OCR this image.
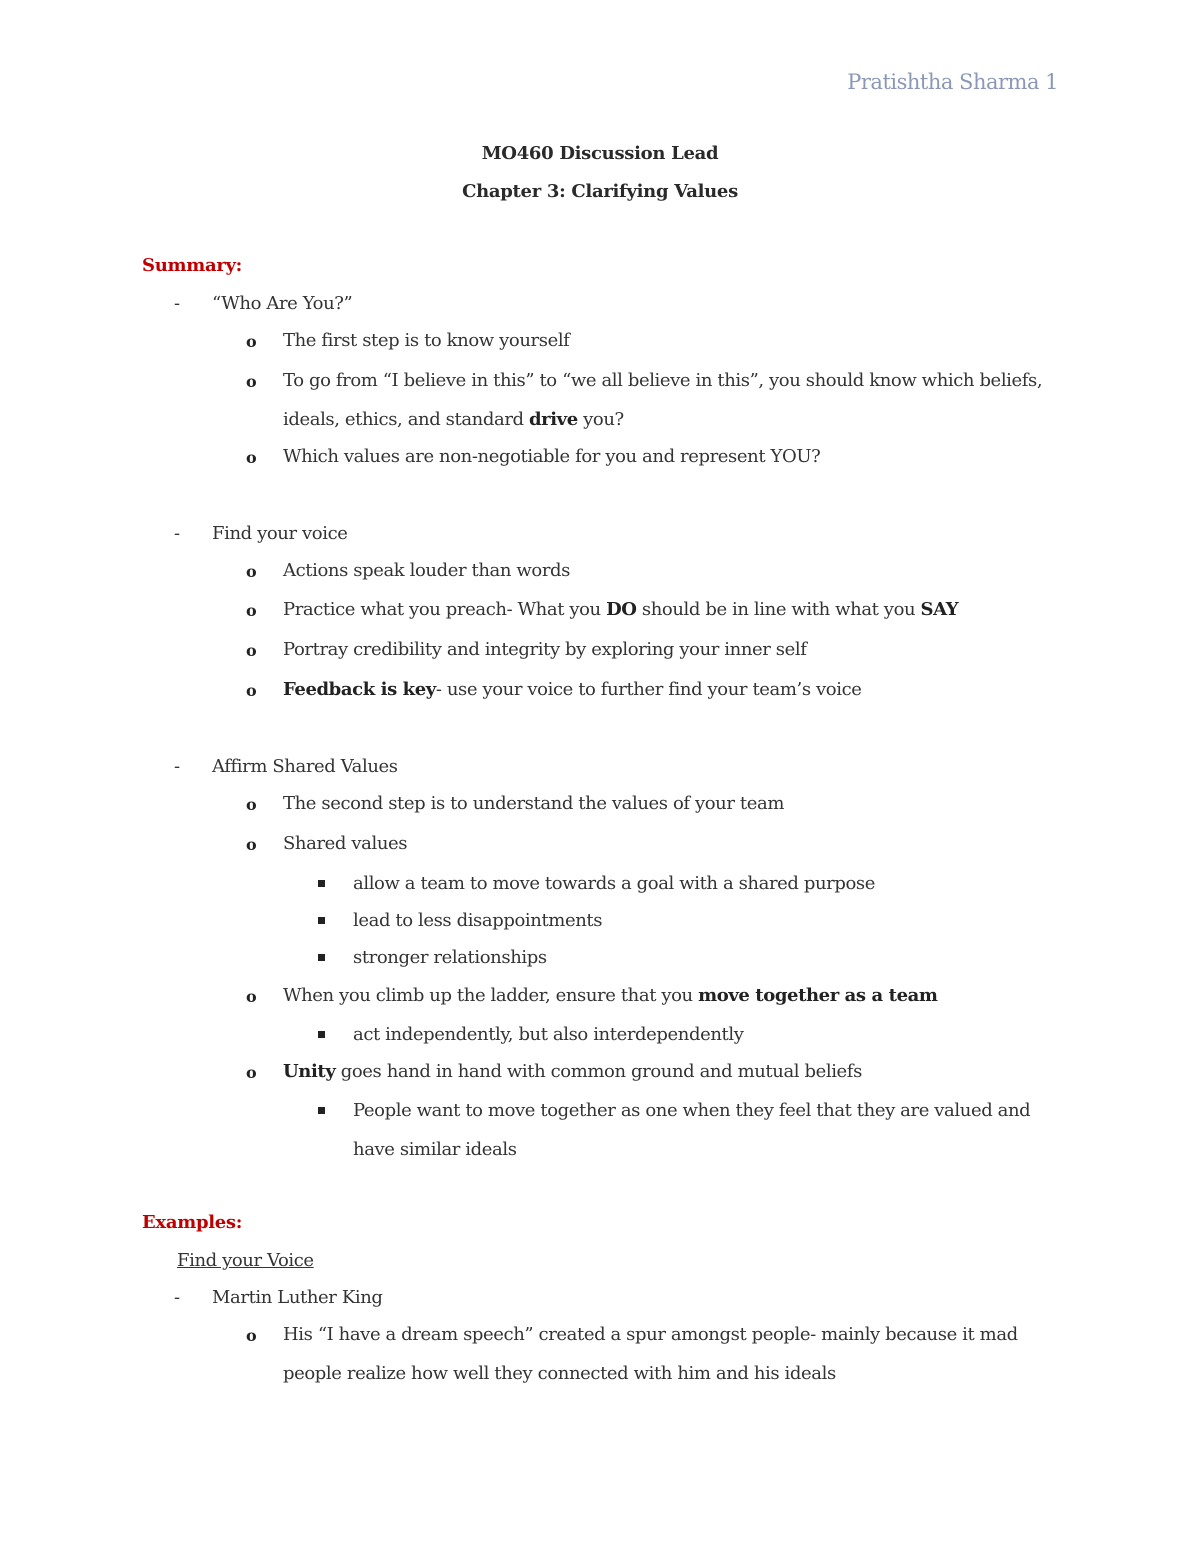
Pratishtha Sharma 1
MO460 Discussion Lead
Chapter 3: Clarifying Values
Summary:
- “Who Are You?”
o The first step is to know yourself
o To go from “I believe in this” to “we all believe in this”, you should know which beliefs,
ideals, ethics, and standard drive you?
o Which values are non-negotiable for you and represent YOU?
- Find your voice
o Actions speak louder than words
o Practice what you preach- What you DO should be in line with what you SAY
o Portray credibility and integrity by exploring your inner self
o Feedback is key- use your voice to further find your team’s voice
- Affirm Shared Values
o The second step is to understand the values of your team
o Shared values
allow a team to move towards a goal with a shared purpose
lead to less disappointments
stronger relationships
o When you climb up the ladder, ensure that you move together as a team
act independently, but also interdependently
o Unity goes hand in hand with common ground and mutual beliefs
People want to move together as one when they feel that they are valued and
have similar ideals
Examples:
Find your Voice
- Martin Luther King
o His “I have a dream speech” created a spur amongst people- mainly because it mad
people realize how well they connected with him and his ideals
